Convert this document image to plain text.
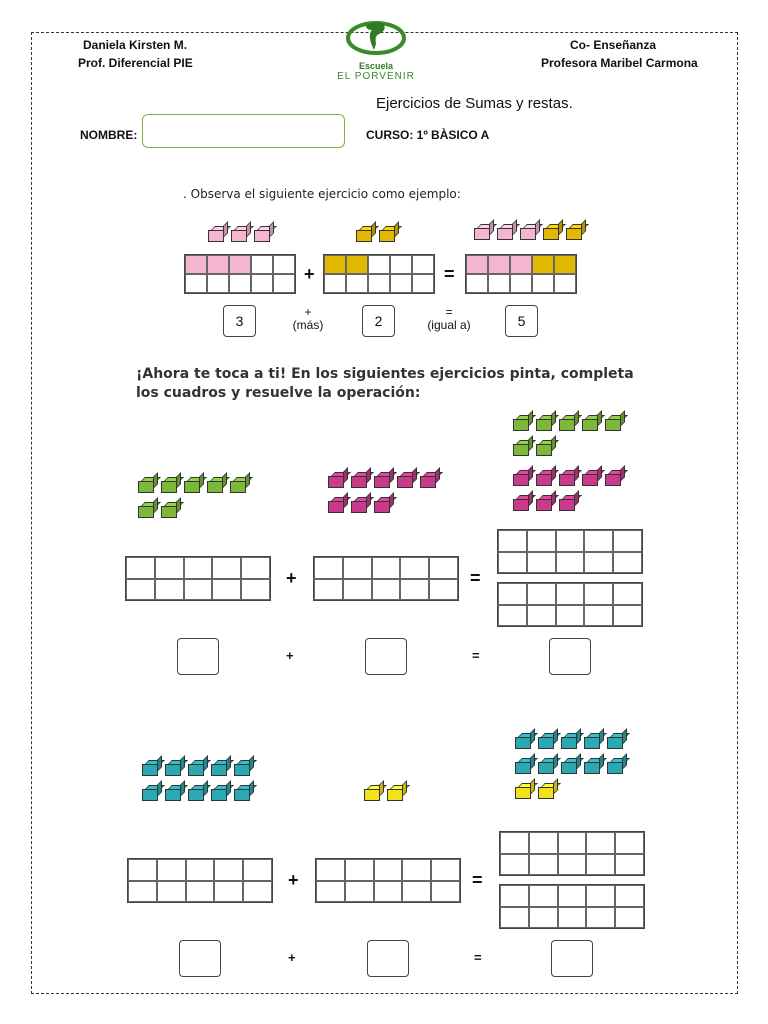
Daniela Kirsten M.
Prof. Diferencial PIE
Co- Enseñanza
Profesora Maribel Carmona
Escuela
EL PORVENIR
Ejercicios de Sumas y restas.
NOMBRE:	CURSO: 1º BÀSICO A
. Observa el siguiente ejercicio como ejemplo:
+	=
3
+
(más)	2
=
(igual a)	5
¡Ahora te toca a ti! En los siguientes ejercicios pinta, completa
los cuadros y resuelve la operación:
+	=
+	=
+	=
+	=
